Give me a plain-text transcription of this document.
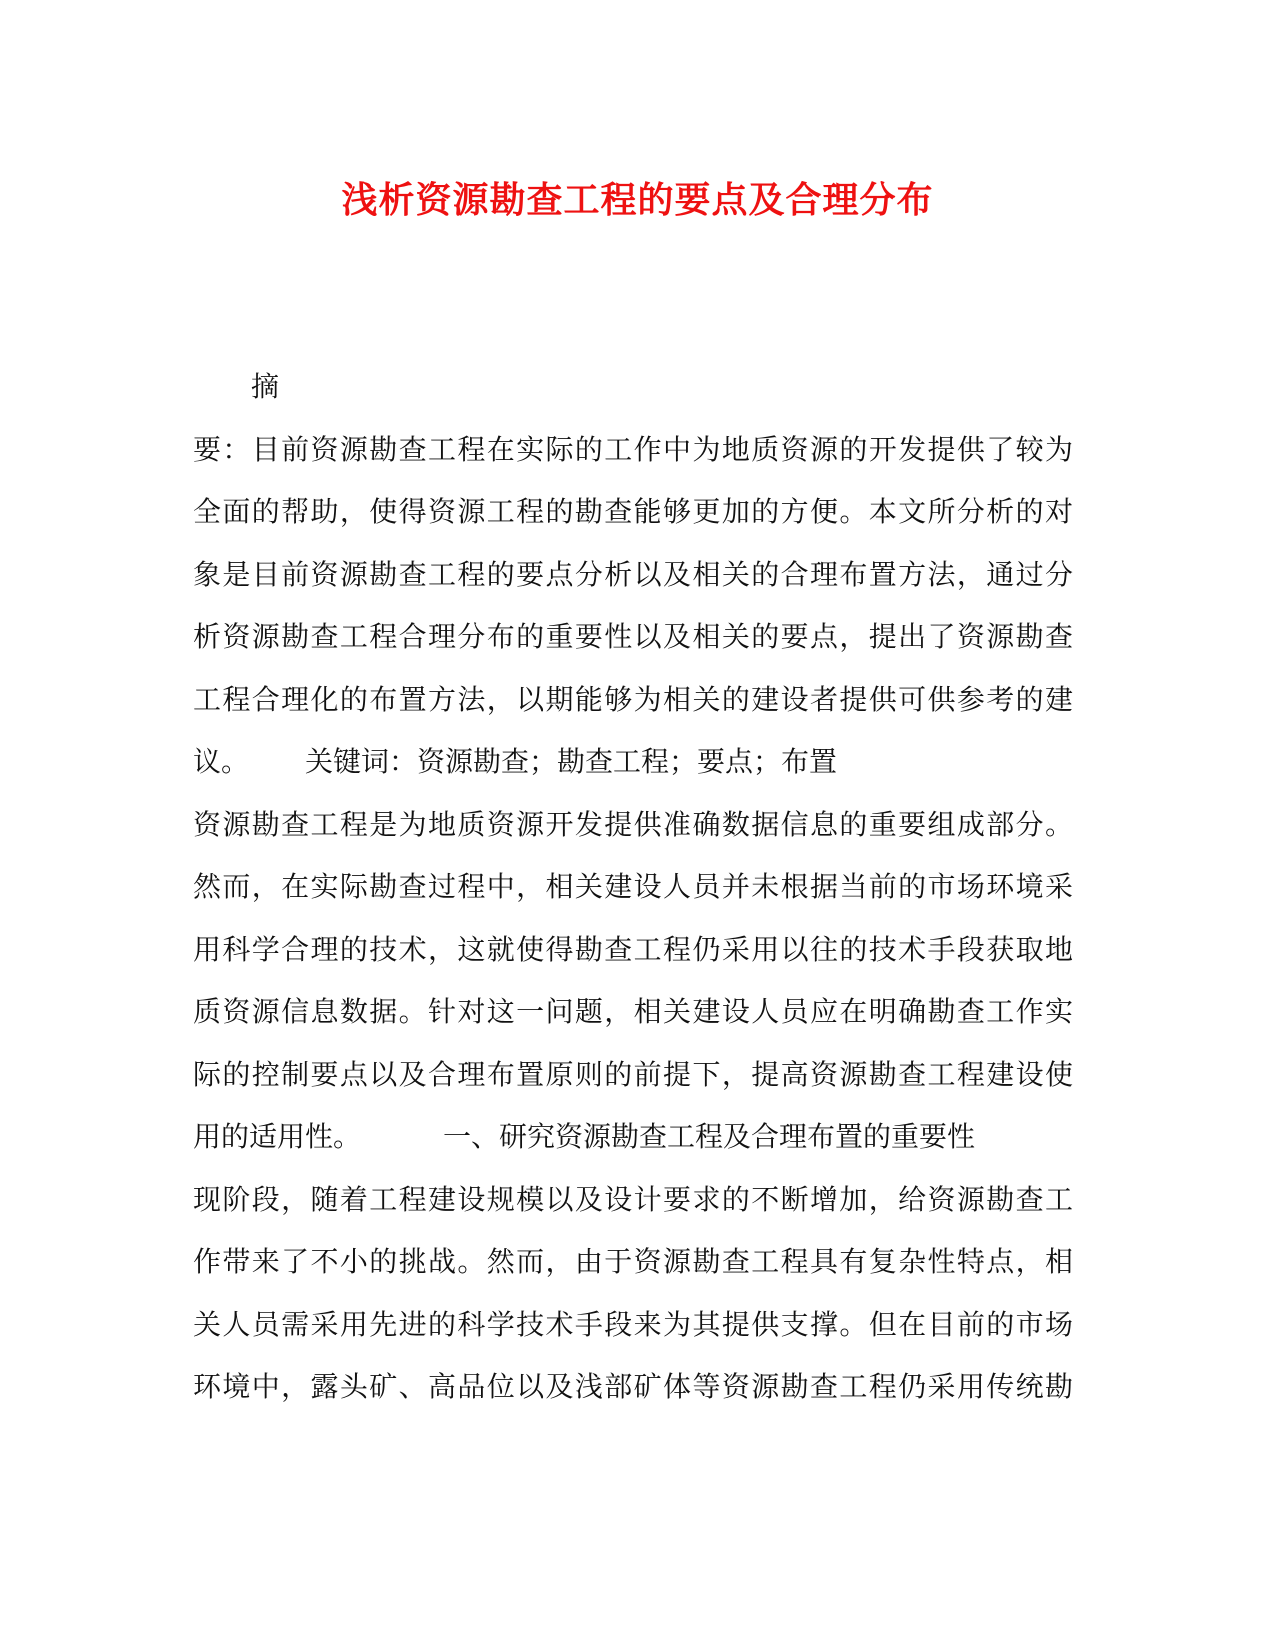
浅析资源勘查工程的要点及合理分布
摘
要：目前资源勘查工程在实际的工作中为地质资源的开发提供了较为
全面的帮助，使得资源工程的勘查能够更加的方便。本文所分析的对
象是目前资源勘查工程的要点分析以及相关的合理布置方法，通过分
析资源勘查工程合理分布的重要性以及相关的要点，提出了资源勘查
工程合理化的布置方法，以期能够为相关的建设者提供可供参考的建
议。 关键词：资源勘查；勘查工程；要点；布置
资源勘查工程是为地质资源开发提供准确数据信息的重要组成部分。
然而，在实际勘查过程中，相关建设人员并未根据当前的市场环境采
用科学合理的技术，这就使得勘查工程仍采用以往的技术手段获取地
质资源信息数据。针对这一问题，相关建设人员应在明确勘查工作实
际的控制要点以及合理布置原则的前提下，提高资源勘查工程建设使
用的适用性。	一、研究资源勘查工程及合理布置的重要性
现阶段，随着工程建设规模以及设计要求的不断增加，给资源勘查工
作带来了不小的挑战。然而，由于资源勘查工程具有复杂性特点，相
关人员需采用先进的科学技术手段来为其提供支撑。但在目前的市场
环境中，露头矿、高品位以及浅部矿体等资源勘查工程仍采用传统勘
